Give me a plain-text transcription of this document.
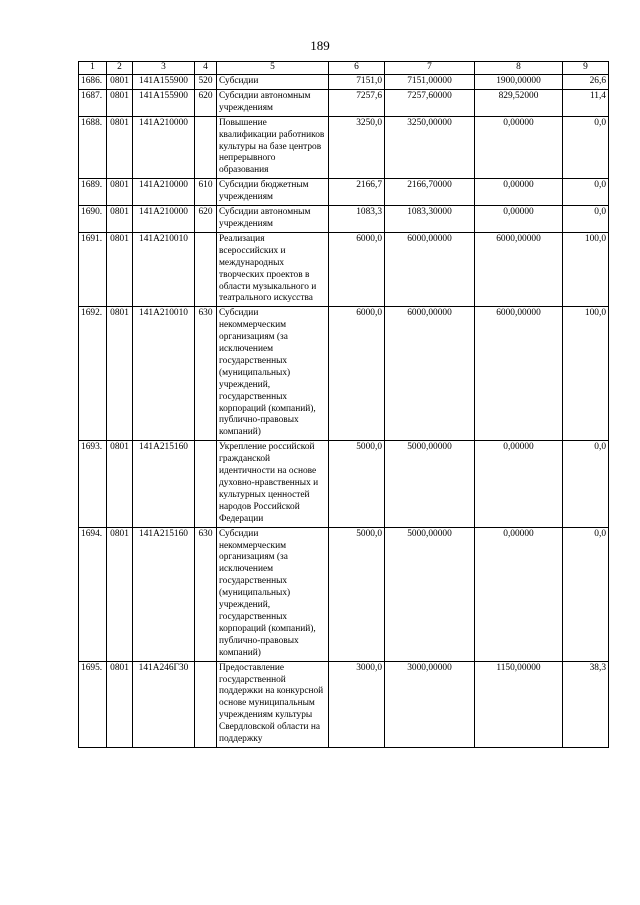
189
1	2	3	4	5	6	7	8	9
1686.	0801	141A155900	520	Субсидии	7151,0	7151,00000	1900,00000	26,6
1687.	0801	141A155900	620	Субсидии автономным учреждениям	7257,6	7257,60000	829,52000	11,4
1688.	0801	141A210000		Повышение квалификации работников культуры на базе центров непрерывного образования	3250,0	3250,00000	0,00000	0,0
1689.	0801	141A210000	610	Субсидии бюджетным учреждениям	2166,7	2166,70000	0,00000	0,0
1690.	0801	141A210000	620	Субсидии автономным учреждениям	1083,3	1083,30000	0,00000	0,0
1691.	0801	141A210010		Реализация всероссийских и международных творческих проектов в области музыкального и театрального искусства	6000,0	6000,00000	6000,00000	100,0
1692.	0801	141A210010	630	Субсидии некоммерческим организациям (за исключением государственных (муниципальных) учреждений, государственных корпораций (компаний), публично-правовых компаний)	6000,0	6000,00000	6000,00000	100,0
1693.	0801	141A215160		Укрепление российской гражданской идентичности на основе духовно-нравственных и культурных ценностей народов Российской Федерации	5000,0	5000,00000	0,00000	0,0
1694.	0801	141A215160	630	Субсидии некоммерческим организациям (за исключением государственных (муниципальных) учреждений, государственных корпораций (компаний), публично-правовых компаний)	5000,0	5000,00000	0,00000	0,0
1695.	0801	141A246Г30		Предоставление государственной поддержки на конкурсной основе муниципальным учреждениям культуры Свердловской области на поддержку	3000,0	3000,00000	1150,00000	38,3
